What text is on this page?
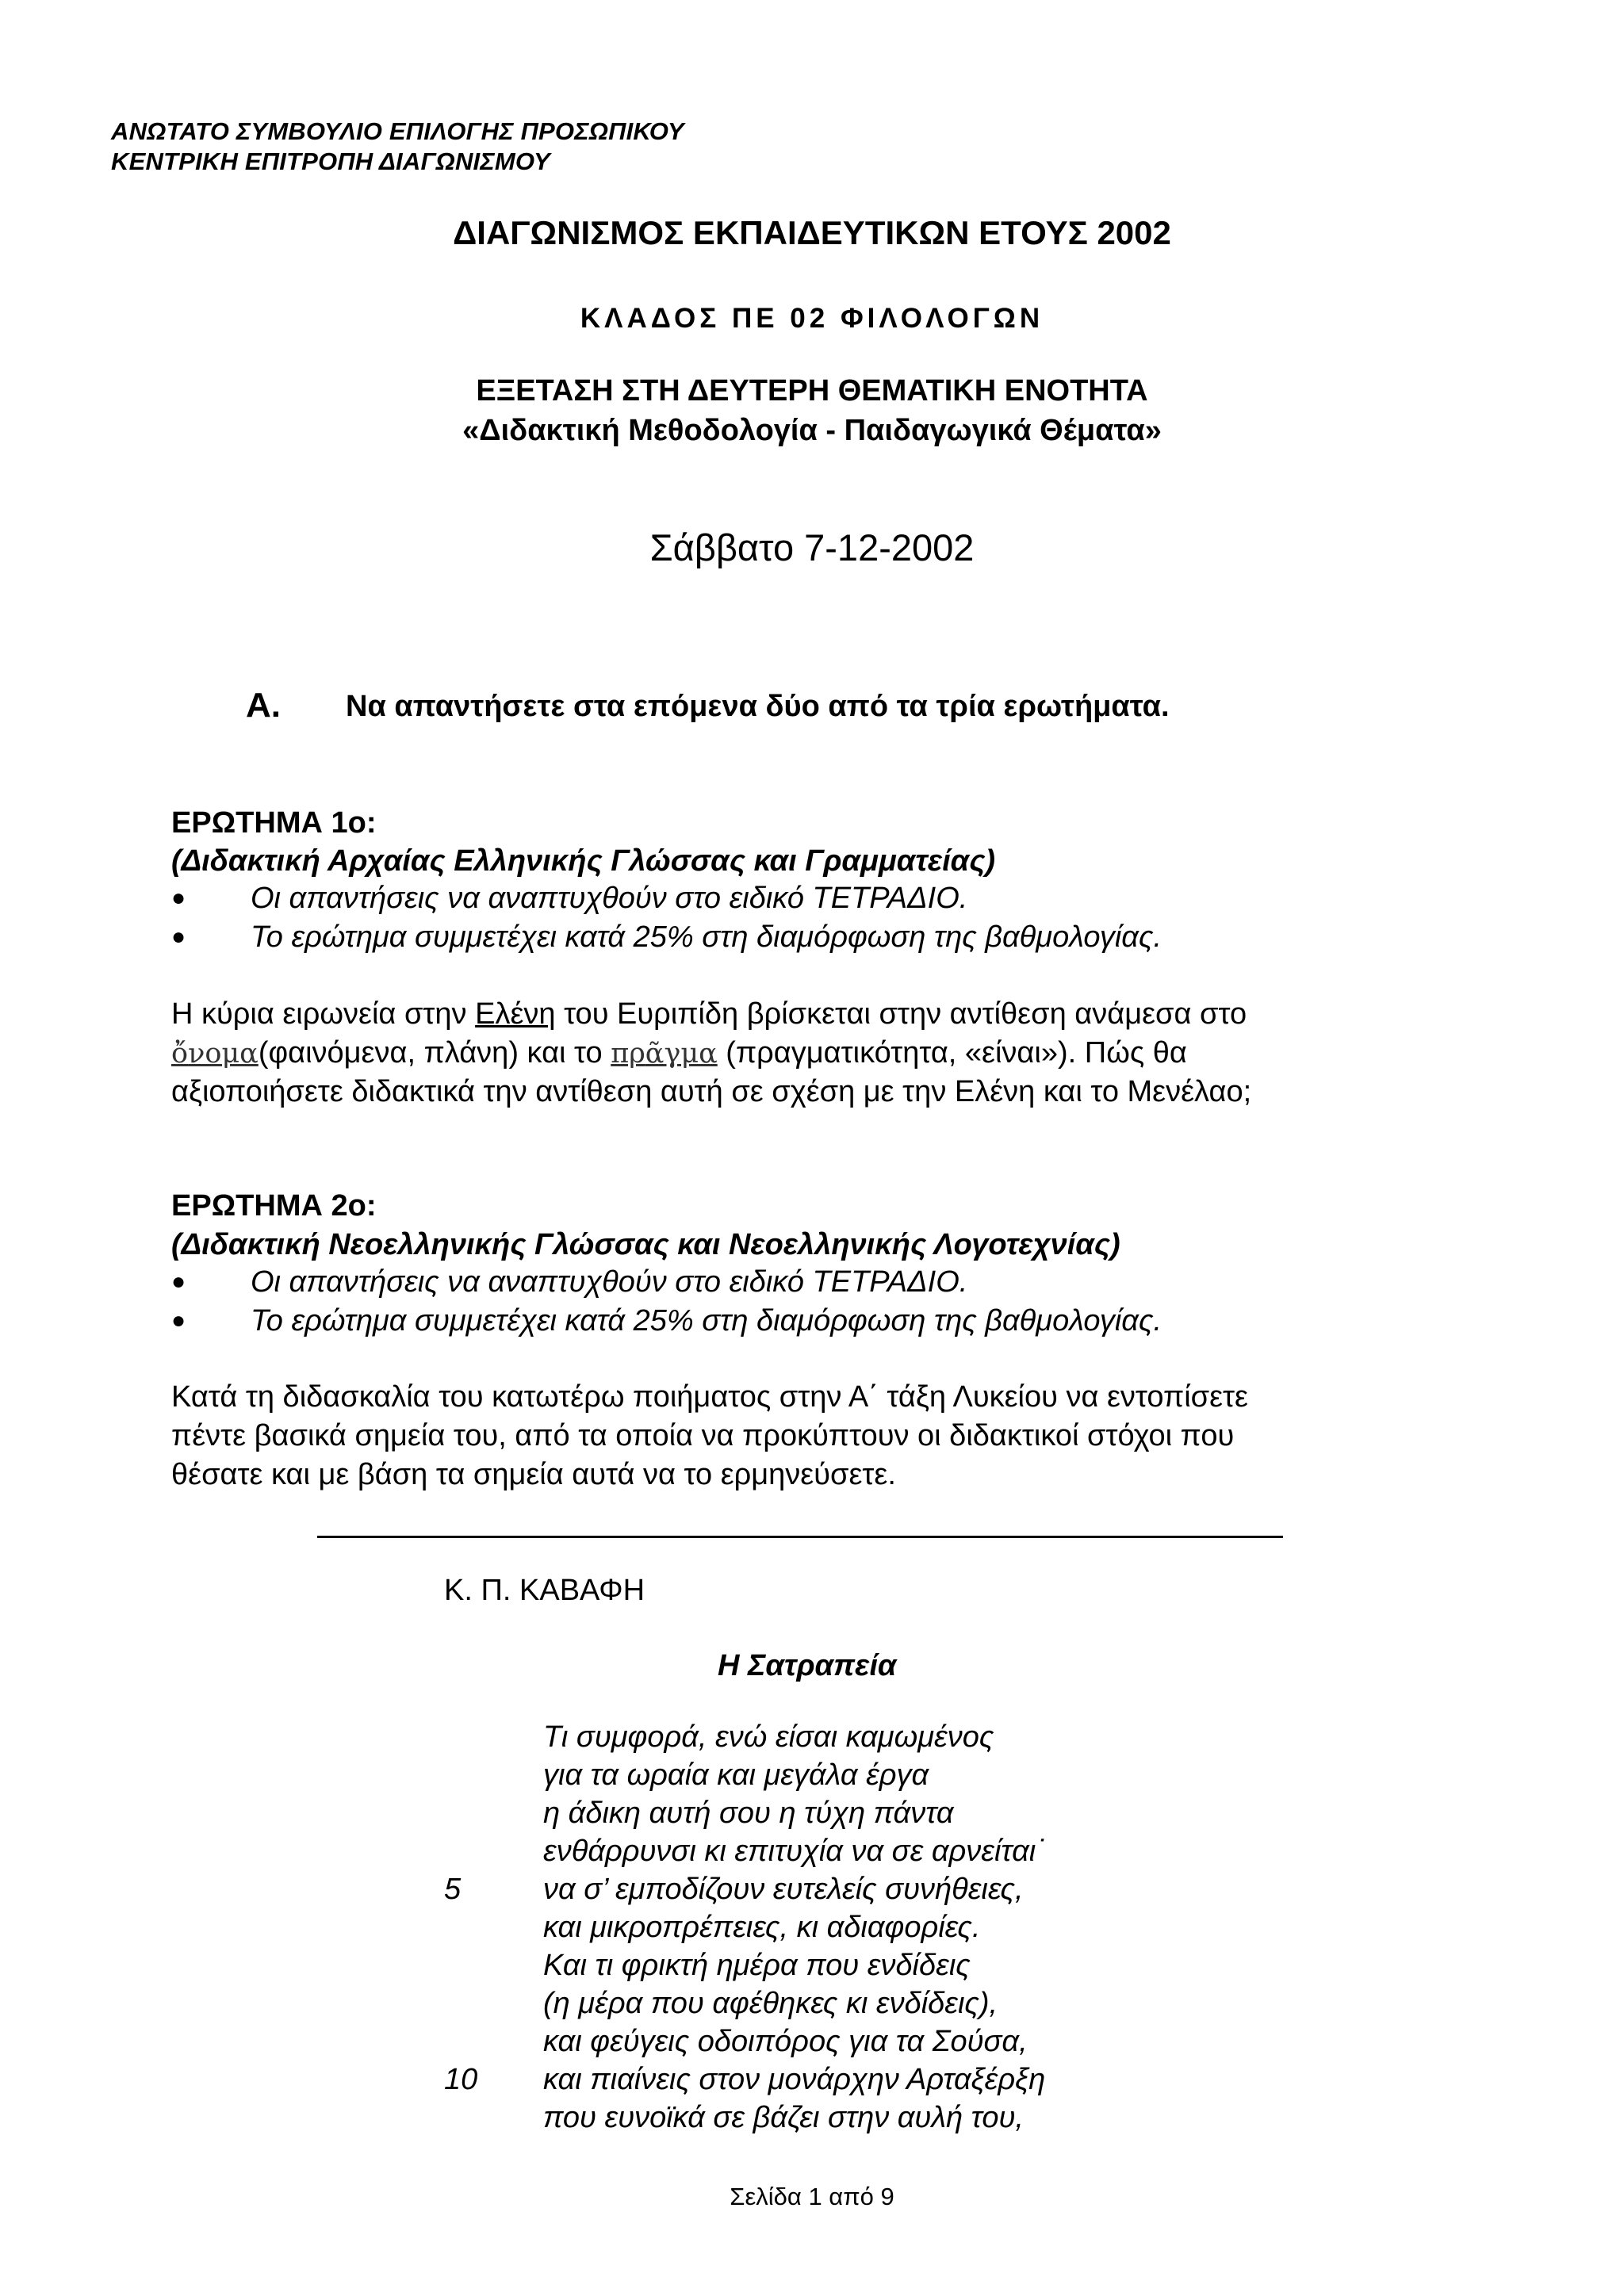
ΑΝΩΤΑΤΟ ΣΥΜΒΟΥΛΙΟ ΕΠΙΛΟΓΗΣ ΠΡΟΣΩΠΙΚΟΥ
ΚΕΝΤΡΙΚΗ ΕΠΙΤΡΟΠΗ ΔΙΑΓΩΝΙΣΜΟΥ
ΔΙΑΓΩΝΙΣΜΟΣ ΕΚΠΑΙΔΕΥΤΙΚΩΝ ΕΤΟΥΣ 2002
ΚΛΑΔΟΣ ΠΕ 02 ΦΙΛΟΛΟΓΩΝ
ΕΞΕΤΑΣΗ ΣΤΗ ΔΕΥΤΕΡΗ ΘΕΜΑΤΙΚΗ ΕΝΟΤΗΤΑ
«Διδακτική Μεθοδολογία - Παιδαγωγικά Θέματα»
Σάββατο 7-12-2002
Α. Να απαντήσετε στα επόμενα δύο από τα τρία ερωτήματα.
ΕΡΩΤΗΜΑ 1ο:
(Διδακτική Αρχαίας Ελληνικής Γλώσσας και Γραμματείας)
● Οι απαντήσεις να αναπτυχθούν στο ειδικό ΤΕΤΡΑΔΙΟ.
● Το ερώτημα συμμετέχει κατά 25% στη διαμόρφωση της βαθμολογίας.
Η κύρια ειρωνεία στην Ελένη του Ευριπίδη βρίσκεται στην αντίθεση ανάμεσα στο
ὄνομα(φαινόμενα, πλάνη) και το πρᾶγμα (πραγματικότητα, «είναι»). Πώς θα
αξιοποιήσετε διδακτικά την αντίθεση αυτή σε σχέση με την Ελένη και το Μενέλαο;
ΕΡΩΤΗΜΑ 2ο:
(Διδακτική Νεοελληνικής Γλώσσας και Νεοελληνικής Λογοτεχνίας)
● Οι απαντήσεις να αναπτυχθούν στο ειδικό ΤΕΤΡΑΔΙΟ.
● Το ερώτημα συμμετέχει κατά 25% στη διαμόρφωση της βαθμολογίας.
Κατά τη διδασκαλία του κατωτέρω ποιήματος στην Α΄ τάξη Λυκείου να εντοπίσετε
πέντε βασικά σημεία του, από τα οποία να προκύπτουν οι διδακτικοί στόχοι που
θέσατε και με βάση τα σημεία αυτά να το ερμηνεύσετε.
Κ. Π. ΚΑΒΑΦΗ
Η Σατραπεία
Τι συμφορά, ενώ είσαι καμωμένος
για τα ωραία και μεγάλα έργα
η άδικη αυτή σου η τύχη πάντα
ενθάρρυνσι κι επιτυχία να σε αρνείται˙
5	να σ’ εμποδίζουν ευτελείς συνήθειες,
και μικροπρέπειες, κι αδιαφορίες.
Και τι φρικτή ημέρα που ενδίδεις
(η μέρα που αφέθηκες κι ενδίδεις),
και φεύγεις οδοιπόρος για τα Σούσα,
10 και πιαίνεις στον μονάρχην Αρταξέρξη
που ευνοϊκά σε βάζει στην αυλή του,
Σελίδα 1 από 9
